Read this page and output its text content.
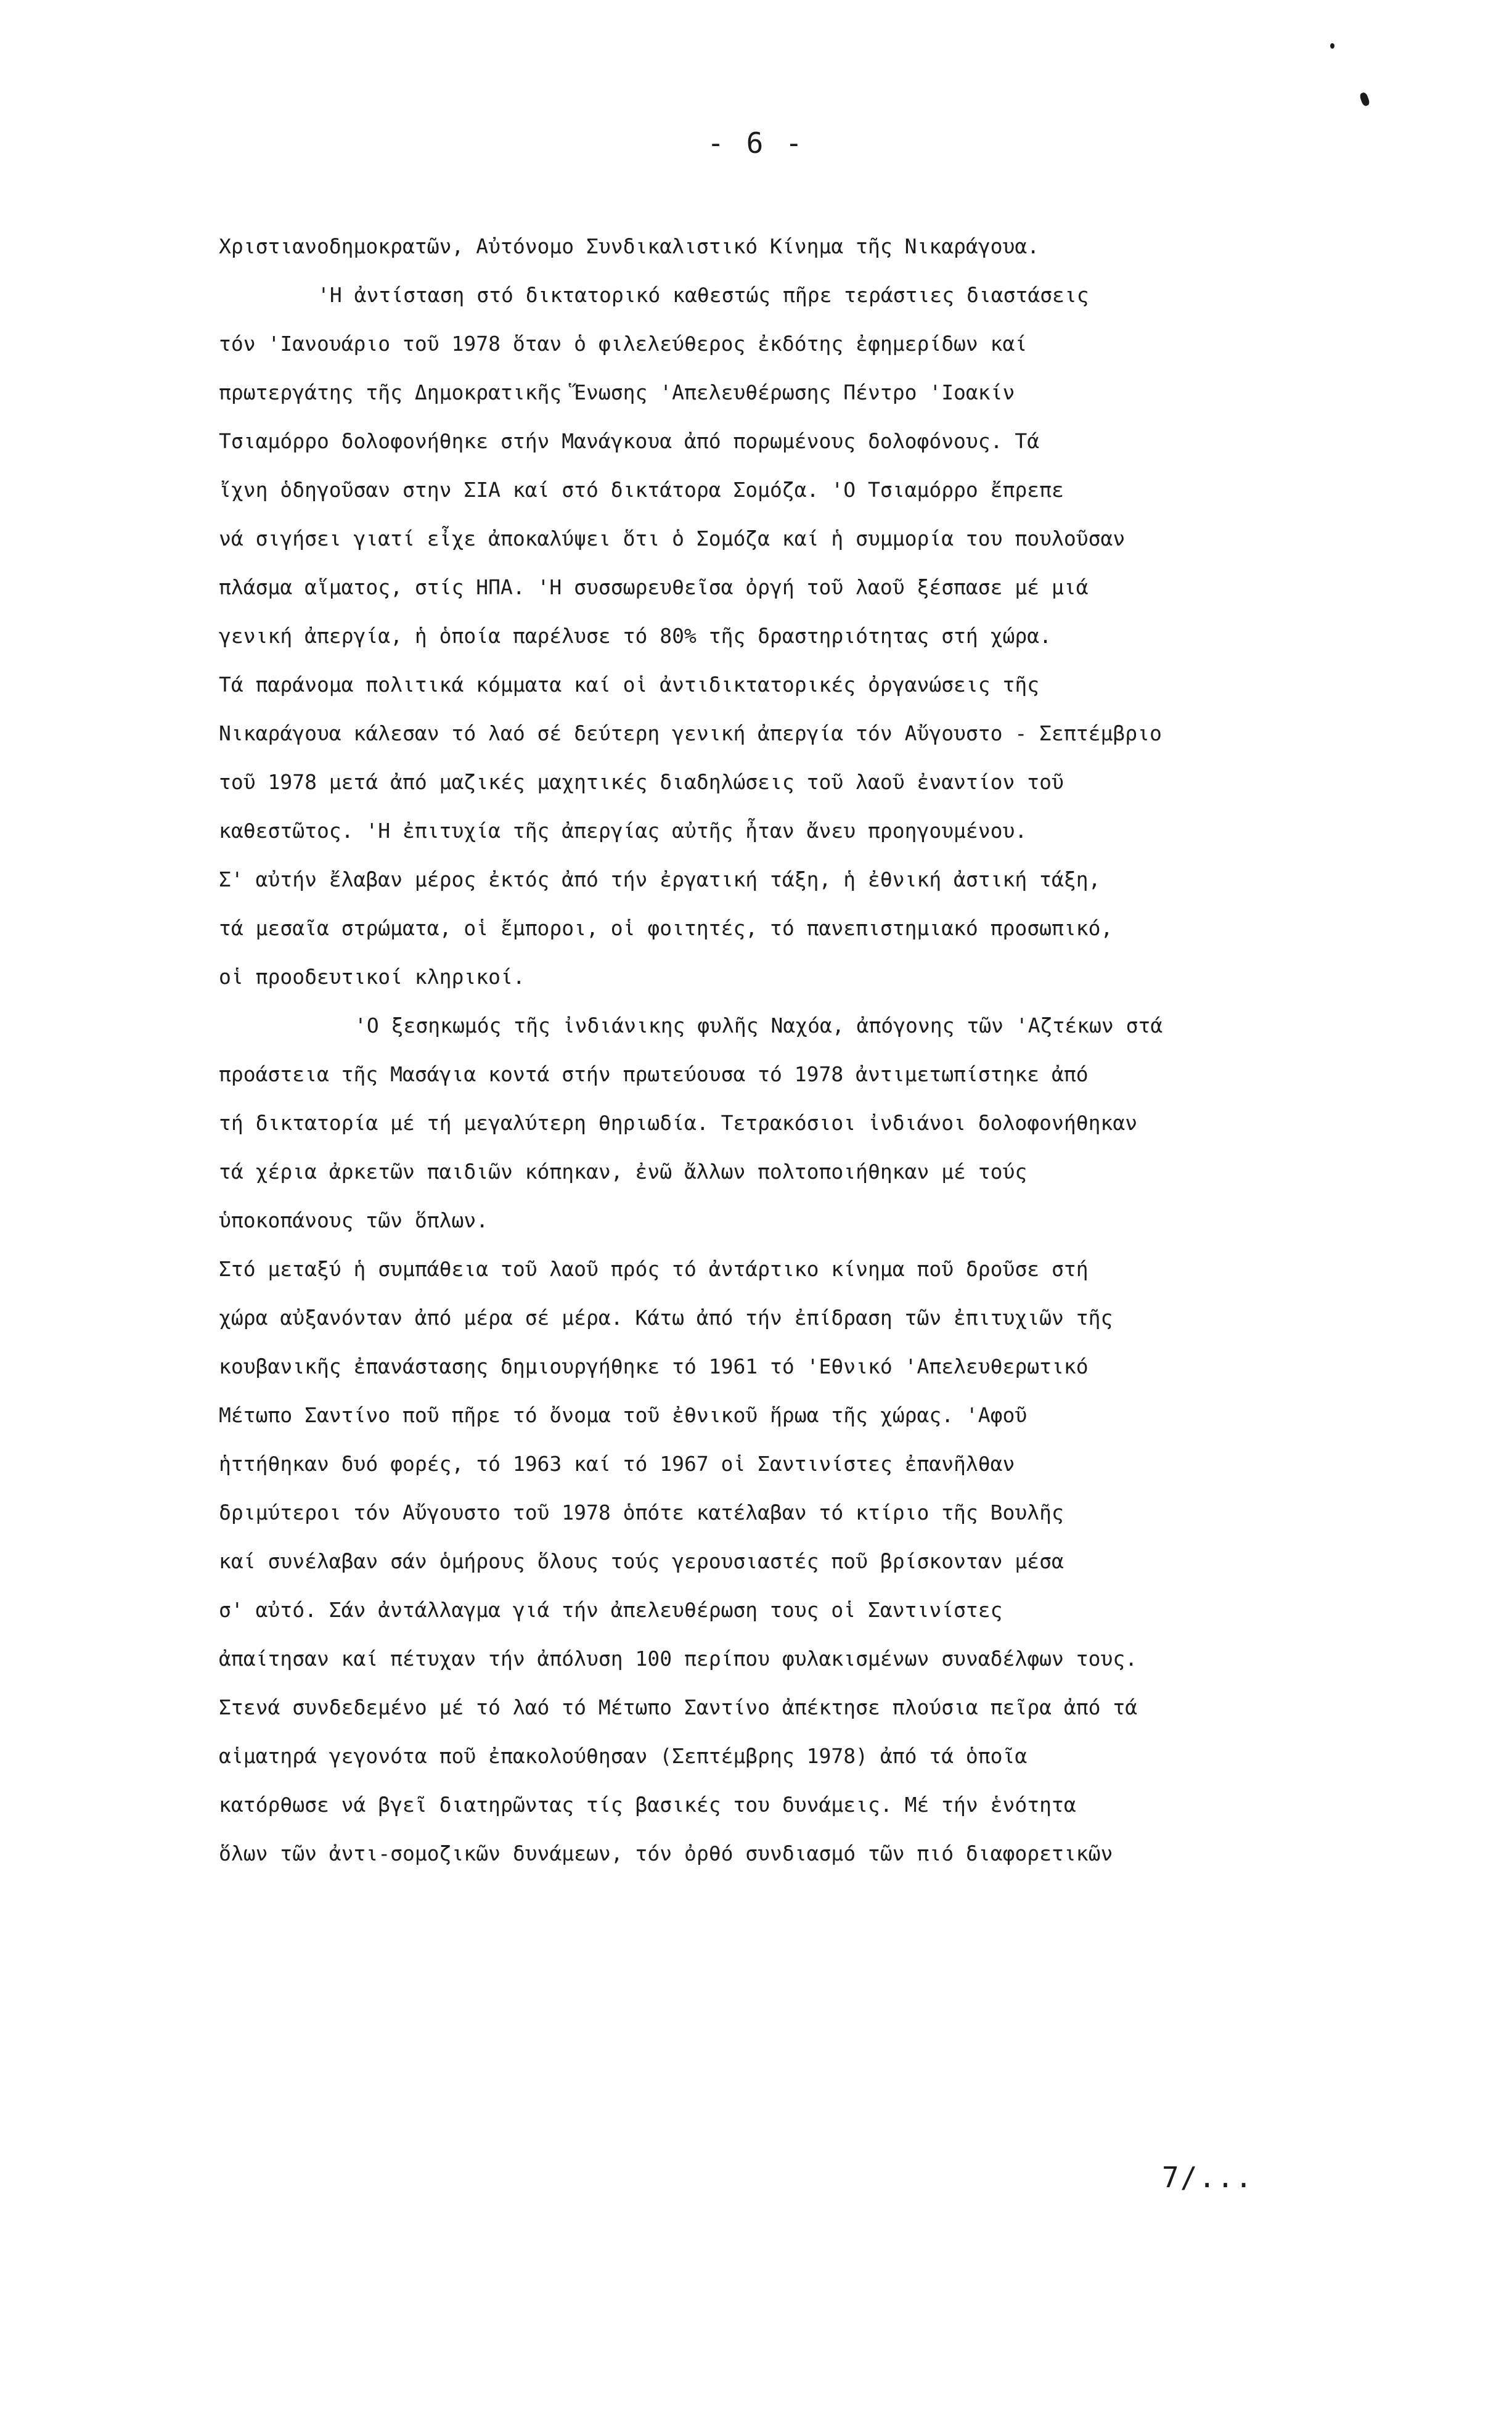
- 6 -
Χριστιανοδημοκρατῶν, Αὐτόνομο Συνδικαλιστικό Κίνημα τῆς Νικαράγουα.
'Η ἀντίσταση στό δικτατορικό καθεστώς πῆρε τεράστιες διαστάσεις
τόν 'Ιανουάριο τοῦ 1978 ὅταν ὁ φιλελεύθερος ἐκδότης ἐφημερίδων καί
πρωτεργάτης τῆς Δημοκρατικῆς Ἕνωσης 'Απελευθέρωσης Πέντρο 'Ιοακίν
Τσιαμόρρο δολοφονήθηκε στήν Μανάγκουα ἀπό πορωμένους δολοφόνους. Τά
ἴχνη ὁδηγοῦσαν στην ΣΙΑ καί στό δικτάτορα Σομόζα. 'Ο Τσιαμόρρο ἔπρεπε
νά σιγήσει γιατί εἶχε ἀποκαλύψει ὅτι ὁ Σομόζα καί ἡ συμμορία του πουλοῦσαν
πλάσμα αἵματος, στίς ΗΠΑ. 'Η συσσωρευθεῖσα ὀργή τοῦ λαοῦ ξέσπασε μέ μιά
γενική ἀπεργία, ἡ ὁποία παρέλυσε τό 80% τῆς δραστηριότητας στή χώρα.
Τά παράνομα πολιτικά κόμματα καί οἱ ἀντιδικτατορικές ὀργανώσεις τῆς
Νικαράγουα κάλεσαν τό λαό σέ δεύτερη γενική ἀπεργία τόν Αὔγουστο - Σεπτέμβριο
τοῦ 1978 μετά ἀπό μαζικές μαχητικές διαδηλώσεις τοῦ λαοῦ ἐναντίον τοῦ
καθεστῶτος. 'Η ἐπιτυχία τῆς ἀπεργίας αὐτῆς ἦταν ἄνευ προηγουμένου.
Σ' αὐτήν ἔλαβαν μέρος ἐκτός ἀπό τήν ἐργατική τάξη, ἡ ἐθνική ἀστική τάξη,
τά μεσαῖα στρώματα, οἱ ἔμποροι, οἱ φοιτητές, τό πανεπιστημιακό προσωπικό,
οἱ προοδευτικοί κληρικοί.
'Ο ξεσηκωμός τῆς ἰνδιάνικης φυλῆς Ναχόα, ἀπόγονης τῶν 'Αζτέκων στά
προάστεια τῆς Μασάγια κοντά στήν πρωτεύουσα τό 1978 ἀντιμετωπίστηκε ἀπό
τή δικτατορία μέ τή μεγαλύτερη θηριωδία. Τετρακόσιοι ἰνδιάνοι δολοφονήθηκαν
τά χέρια ἀρκετῶν παιδιῶν κόπηκαν, ἐνῶ ἄλλων πολτοποιήθηκαν μέ τούς
ὑποκοπάνους τῶν ὅπλων.
Στό μεταξύ ἡ συμπάθεια τοῦ λαοῦ πρός τό ἀντάρτικο κίνημα ποῦ δροῦσε στή
χώρα αὐξανόνταν ἀπό μέρα σέ μέρα. Κάτω ἀπό τήν ἐπίδραση τῶν ἐπιτυχιῶν τῆς
κουβανικῆς ἐπανάστασης δημιουργήθηκε τό 1961 τό 'Εθνικό 'Απελευθερωτικό
Μέτωπο Σαντίνο ποῦ πῆρε τό ὄνομα τοῦ ἐθνικοῦ ἥρωα τῆς χώρας. 'Αφοῦ
ἡττήθηκαν δυό φορές, τό 1963 καί τό 1967 οἱ Σαντινίστες ἐπανῆλθαν
δριμύτεροι τόν Αὔγουστο τοῦ 1978 ὁπότε κατέλαβαν τό κτίριο τῆς Βουλῆς
καί συνέλαβαν σάν ὁμήρους ὅλους τούς γερουσιαστές ποῦ βρίσκονταν μέσα
σ' αὐτό. Σάν ἀντάλλαγμα γιά τήν ἀπελευθέρωση τους οἱ Σαντινίστες
ἀπαίτησαν καί πέτυχαν τήν ἀπόλυση 100 περίπου φυλακισμένων συναδέλφων τους.
Στενά συνδεδεμένο μέ τό λαό τό Μέτωπο Σαντίνο ἀπέκτησε πλούσια πεῖρα ἀπό τά
αἱματηρά γεγονότα ποῦ ἐπακολούθησαν (Σεπτέμβρης 1978) ἀπό τά ὁποῖα
κατόρθωσε νά βγεῖ διατηρῶντας τίς βασικές του δυνάμεις. Μέ τήν ἑνότητα
ὅλων τῶν ἀντι-σομοζικῶν δυνάμεων, τόν ὀρθό συνδιασμό τῶν πιό διαφορετικῶν
7/...
